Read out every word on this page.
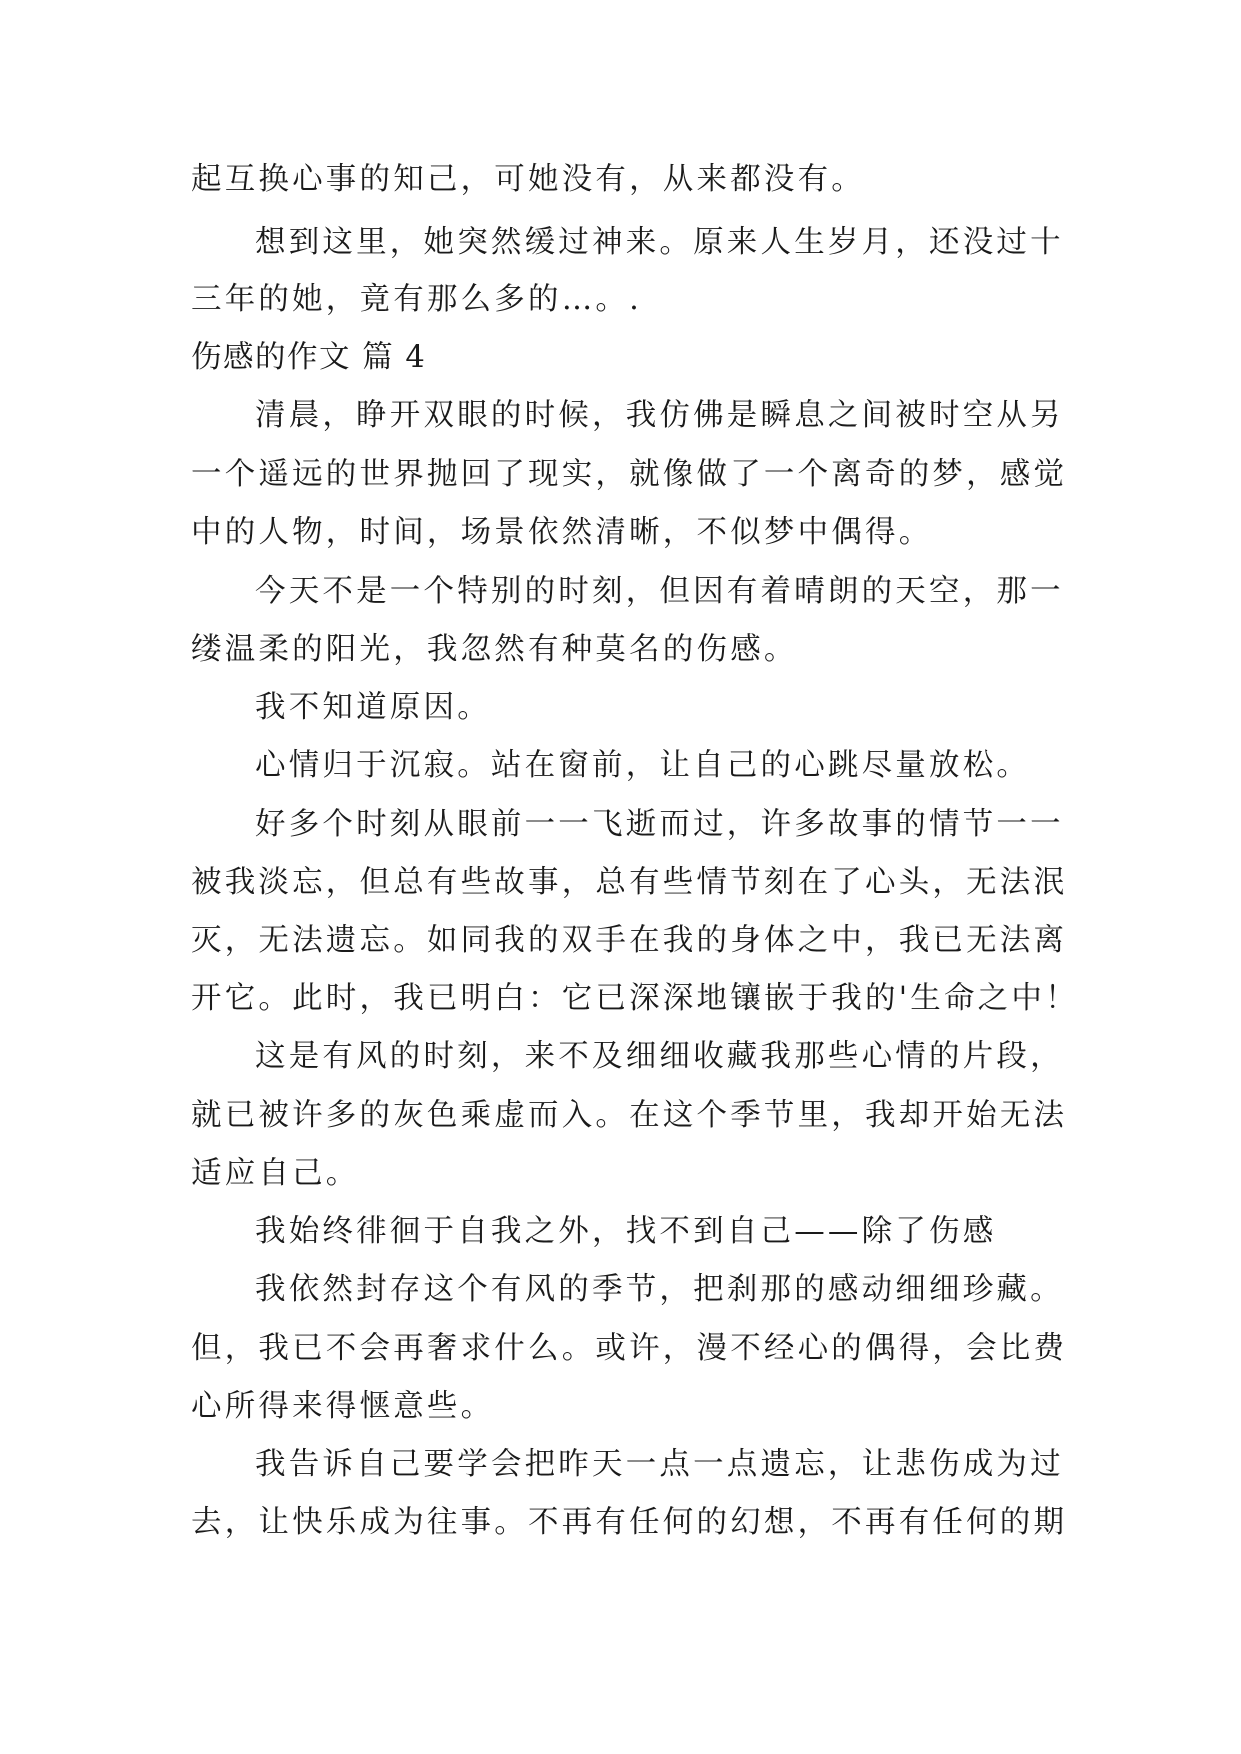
起互换心事的知己，可她没有，从来都没有。
想到这里，她突然缓过神来。原来人生岁月，还没过十
三年的她，竟有那么多的…。.
伤感的作文 篇 4
清晨，睁开双眼的时候，我仿佛是瞬息之间被时空从另
一个遥远的世界抛回了现实，就像做了一个离奇的梦，感觉
中的人物，时间，场景依然清晰，不似梦中偶得。
今天不是一个特别的时刻，但因有着晴朗的天空，那一
缕温柔的阳光，我忽然有种莫名的伤感。
我不知道原因。
心情归于沉寂。站在窗前，让自己的心跳尽量放松。
好多个时刻从眼前一一飞逝而过，许多故事的情节一一
被我淡忘，但总有些故事，总有些情节刻在了心头，无法泯
灭，无法遗忘。如同我的双手在我的身体之中，我已无法离
开它。此时，我已明白：它已深深地镶嵌于我的'生命之中！
这是有风的时刻，来不及细细收藏我那些心情的片段，
就已被许多的灰色乘虚而入。在这个季节里，我却开始无法
适应自己。
我始终徘徊于自我之外，找不到自己——除了伤感
我依然封存这个有风的季节，把刹那的感动细细珍藏。
但，我已不会再奢求什么。或许，漫不经心的偶得，会比费
心所得来得惬意些。
我告诉自己要学会把昨天一点一点遗忘，让悲伤成为过
去，让快乐成为往事。不再有任何的幻想，不再有任何的期
